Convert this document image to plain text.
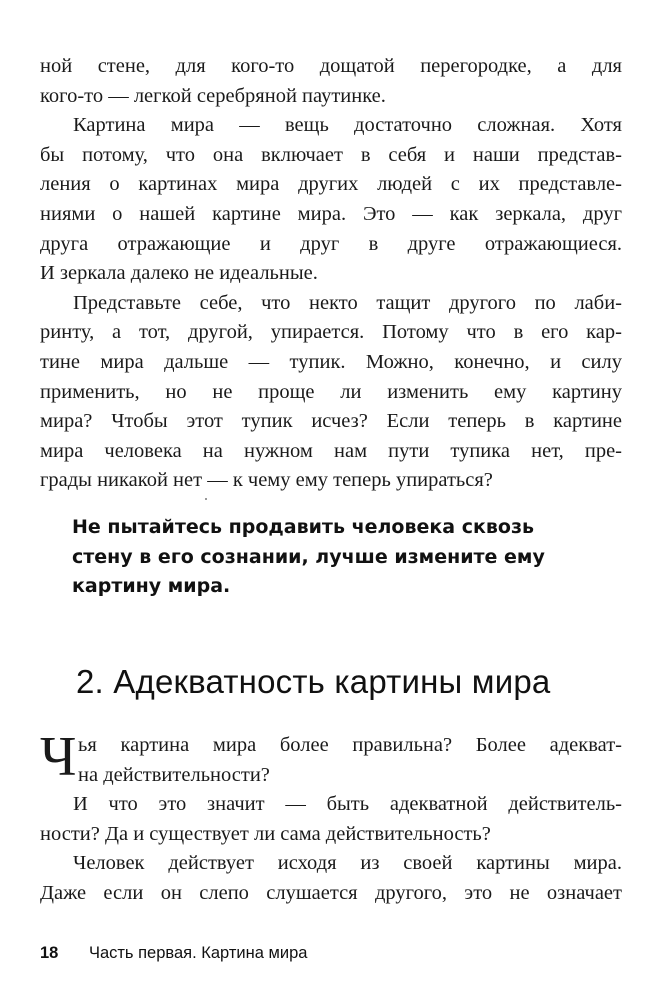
ной стене, для кого-то дощатой перегородке, а для
кого-то — легкой серебряной паутинке.
Картина мира — вещь достаточно сложная. Хотя
бы потому, что она включает в себя и наши представ-
ления о картинах мира других людей с их представле-
ниями о нашей картине мира. Это — как зеркала, друг
друга отражающие и друг в друге отражающиеся.
И зеркала далеко не идеальные.
Представьте себе, что некто тащит другого по лаби-
ринту, а тот, другой, упирается. Потому что в его кар-
тине мира дальше — тупик. Можно, конечно, и силу
применить, но не проще ли изменить ему картину
мира? Чтобы этот тупик исчез? Если теперь в картине
мира человека на нужном нам пути тупика нет, пре-
грады никакой нет — к чему ему теперь упираться?
Не пытайтесь продавить человека сквозь
стену в его сознании, лучше измените ему
картину мира.
2. Адекватность картины мира
Ч ья картина мира более правильна? Более адекват-
на действительности?
И что это значит — быть адекватной действитель-
ности? Да и существует ли сама действительность?
Человек действует исходя из своей картины мира.
Даже если он слепо слушается другого, это не означает
18 Часть первая. Картина мира
